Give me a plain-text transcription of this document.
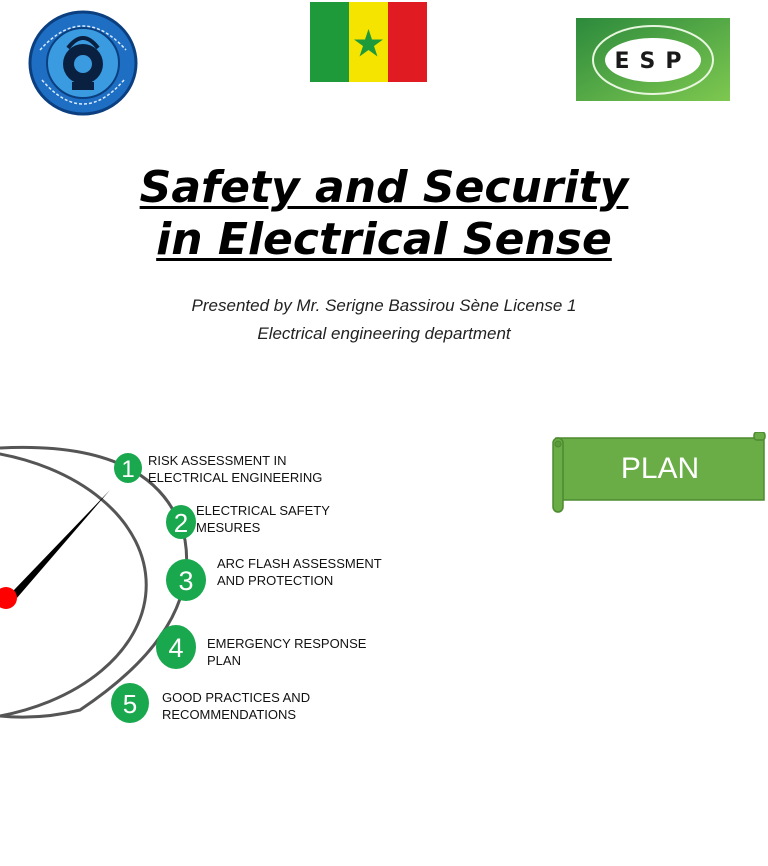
ESP
Safety and Security
in Electrical Sense
Presented by Mr. Serigne Bassirou Sène License 1
Electrical engineering department
1
2
3
4
5
RISK ASSESSMENT IN
ELECTRICAL ENGINEERING
ELECTRICAL SAFETY
MESURES
ARC FLASH ASSESSMENT
AND PROTECTION
EMERGENCY RESPONSE
PLAN
GOOD PRACTICES AND
RECOMMENDATIONS
PLAN
